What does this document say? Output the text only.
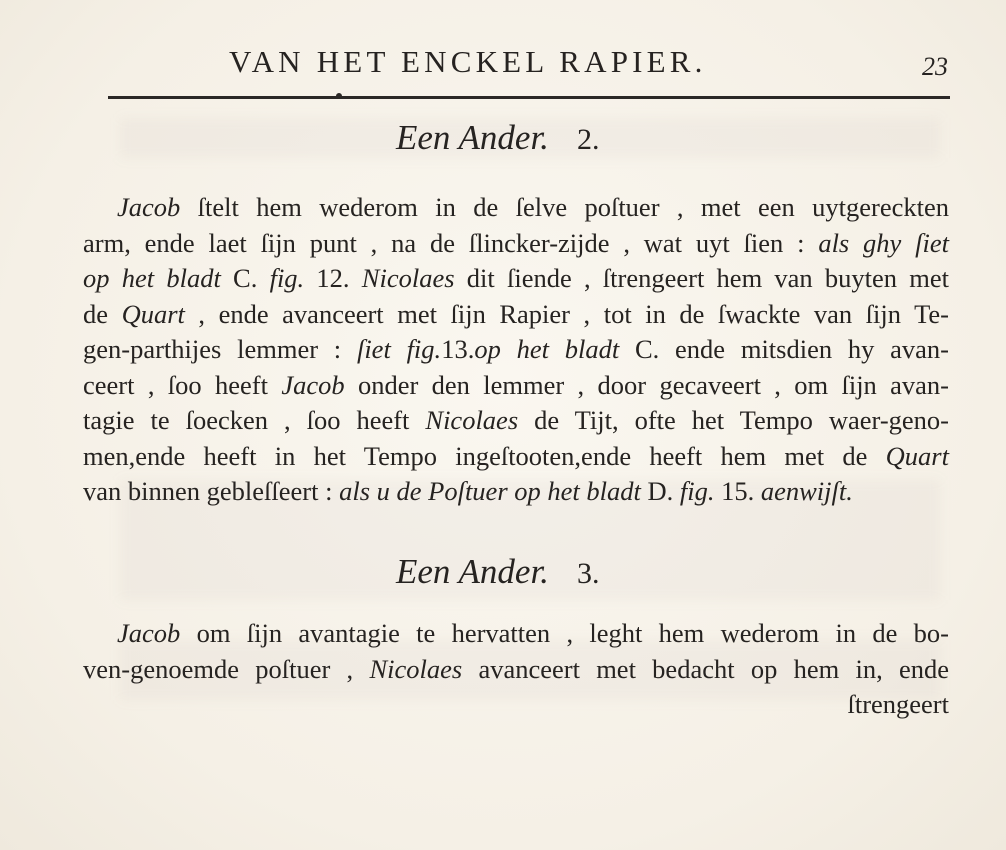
VAN HET ENCKEL RAPIER.	23
Een Ander. 2.
Jacob ſtelt hem wederom in de ſelve poſtuer , met een uytgereckten
arm, ende laet ſijn punt , na de ſlincker-zijde , wat uyt ſien : als ghy ſiet
op het bladt C. fig. 12. Nicolaes dit ſiende , ſtrengeert hem van buyten met
de Quart , ende avanceert met ſijn Rapier , tot in de ſwackte van ſijn Te-
gen-parthijes lemmer : ſiet fig.13.op het bladt C. ende mitsdien hy avan-
ceert , ſoo heeft Jacob onder den lemmer , door gecaveert , om ſijn avan-
tagie te ſoecken , ſoo heeft Nicolaes de Tijt, ofte het Tempo waer-geno-
men,ende heeft in het Tempo ingeſtooten,ende heeft hem met de Quart
van binnen gebleſſeert : als u de Poſtuer op het bladt D. fig. 15. aenwijſt.
Een Ander. 3.
Jacob om ſijn avantagie te hervatten , leght hem wederom in de bo-
ven-genoemde poſtuer , Nicolaes avanceert met bedacht op hem in, ende
ſtrengeert
